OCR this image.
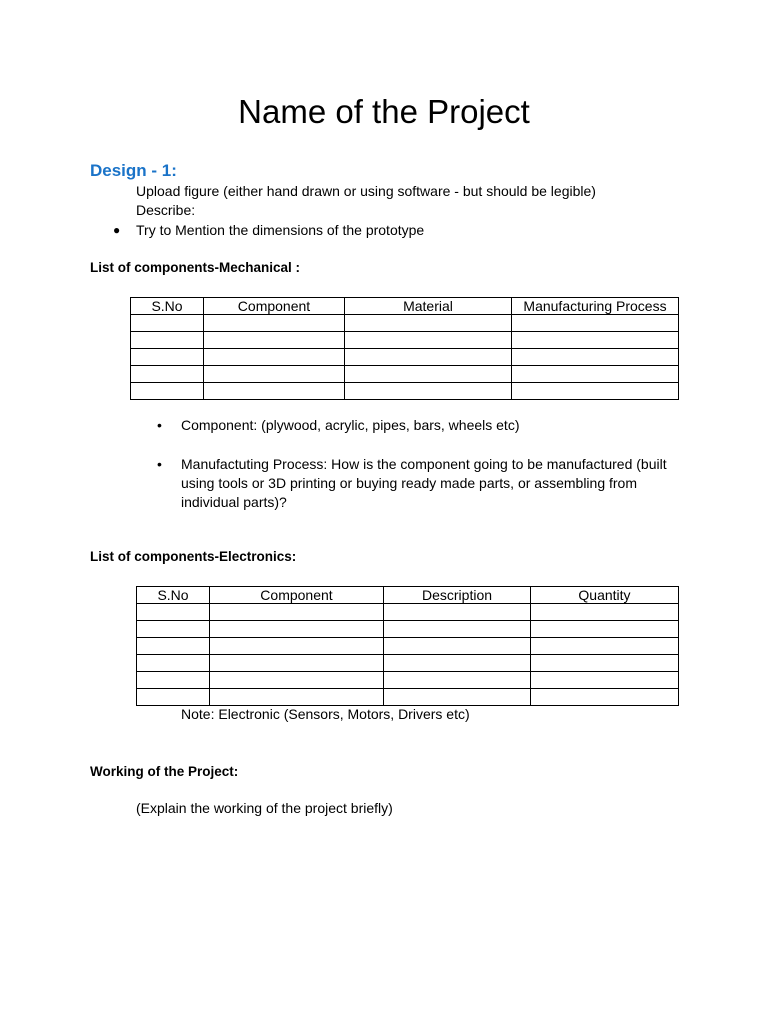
Name of the Project
Design - 1:
Upload figure (either hand drawn or using software - but should be legible)
Describe:
● Try to Mention the dimensions of the prototype
List of components-Mechanical :
S.No	Component	Material	Manufacturing Process

• Component: (plywood, acrylic, pipes, bars, wheels etc)
• Manufactuting Process: How is the component going to be manufactured (built using tools or 3D printing or buying ready made parts, or assembling from individual parts)?
List of components-Electronics:
S.No	Component	Description	Quantity

Note: Electronic (Sensors, Motors, Drivers etc)
Working of the Project:
(Explain the working of the project briefly)
